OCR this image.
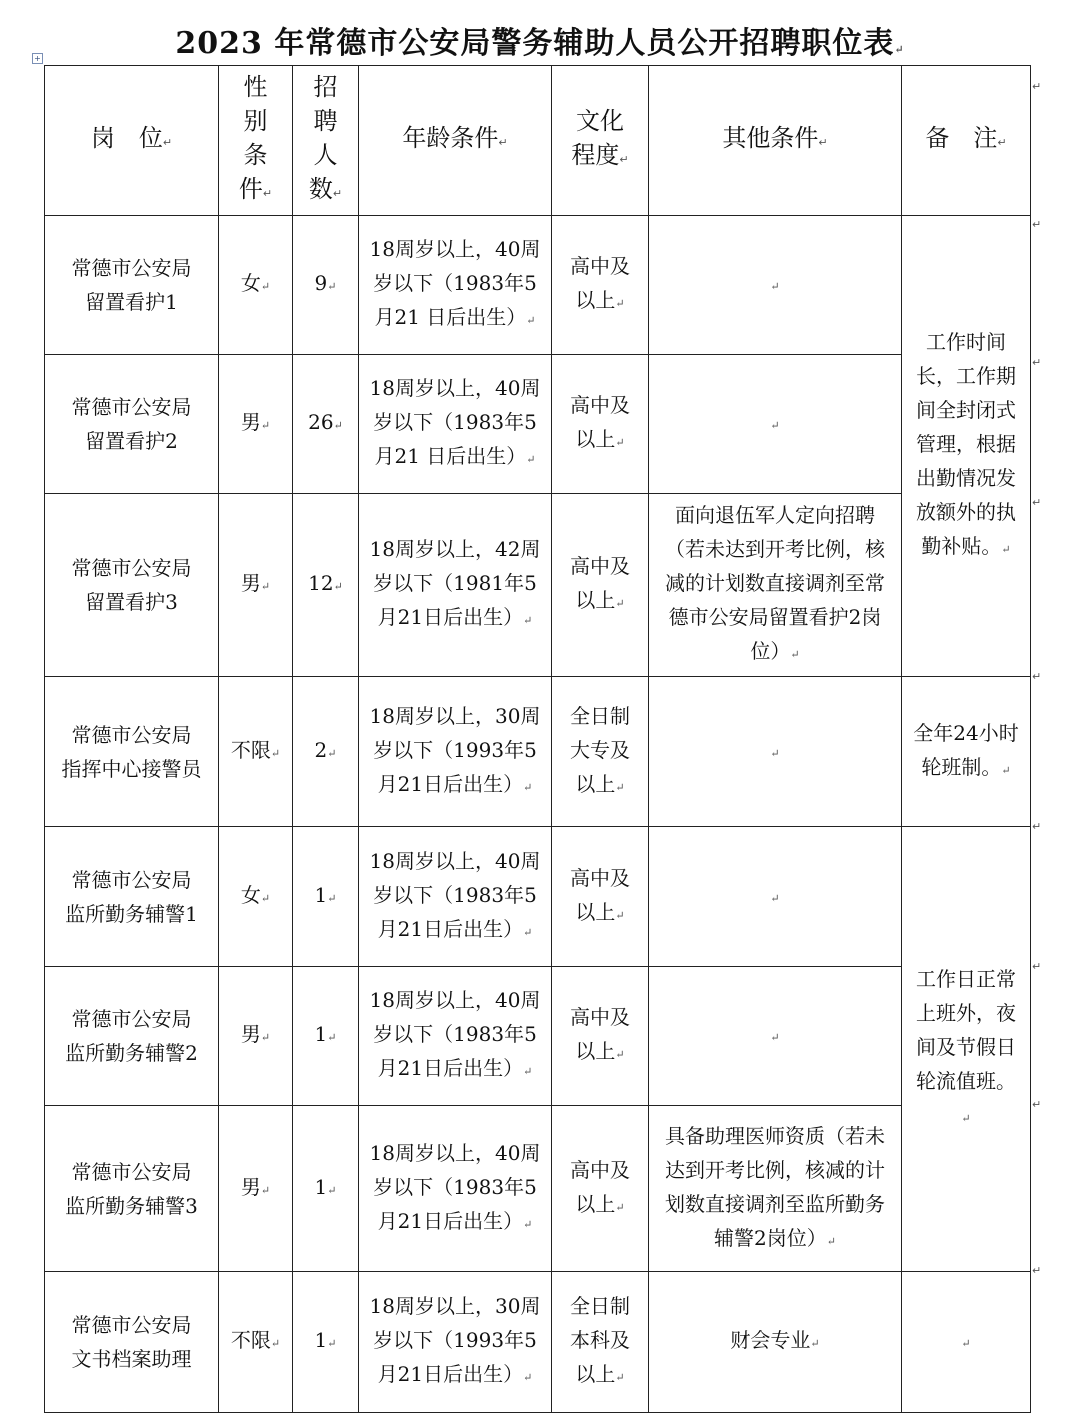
2023 年常德市公安局警务辅助人员公开招聘职位表↵
+
岗　位↵	性
别
条
件↵	招
聘
人
数↵	年龄条件↵	文化
程度↵	其他条件↵	备　注↵

常德市公安局
留置看护1	女↵	9↵	18周岁以上，40周岁以下（1983年5月21 日后出生）↵	高中及以上↵	↵	工作时间长，工作期间全封闭式管理，根据出勤情况发放额外的执勤补贴。↵

常德市公安局
留置看护2	男↵	26↵	18周岁以上，40周岁以下（1983年5月21 日后出生）↵	高中及以上↵	↵	

常德市公安局
留置看护3	男↵	12↵	18周岁以上，42周岁以下（1981年5月21日后出生）↵	高中及以上↵	面向退伍军人定向招聘（若未达到开考比例，核减的计划数直接调剂至常德市公安局留置看护2岗位）↵	

常德市公安局
指挥中心接警员	不限↵	2↵	18周岁以上，30周岁以下（1993年5月21日后出生）↵	全日制大专及以上↵	↵	全年24小时轮班制。↵

常德市公安局
监所勤务辅警1	女↵	1↵	18周岁以上，40周岁以下（1983年5月21日后出生）↵	高中及以上↵	↵	工作日正常上班外，夜间及节假日轮流值班。↵

常德市公安局
监所勤务辅警2	男↵	1↵	18周岁以上，40周岁以下（1983年5月21日后出生）↵	高中及以上↵	↵	

常德市公安局
监所勤务辅警3	男↵	1↵	18周岁以上，40周岁以下（1983年5月21日后出生）↵	高中及以上↵	具备助理医师资质（若未达到开考比例，核减的计划数直接调剂至监所勤务辅警2岗位）↵	

常德市公安局
文书档案助理	不限↵	1↵	18周岁以上，30周岁以下（1993年5月21日后出生）↵	全日制本科及以上↵	财会专业↵	↵
↵
↵
↵
↵
↵
↵
↵
↵
↵
